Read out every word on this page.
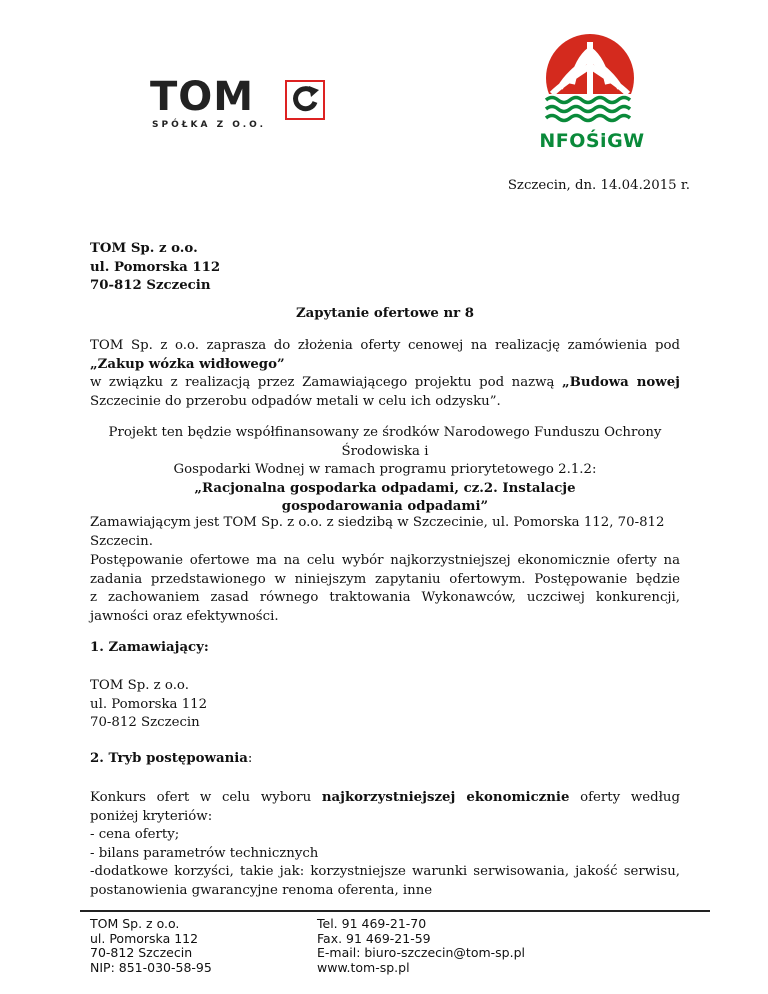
TOM
SPÓŁKA Z O.O.
NFOŚiGW
Szczecin, dn. 14.04.2015 r.
TOM Sp. z o.o.
ul. Pomorska 112
70-812 Szczecin
Zapytanie ofertowe nr 8
TOM Sp. z o.o. zaprasza do złożenia oferty cenowej na realizację zamówienia pod
„Zakup wózka widłowego”
w związku z realizacją przez Zamawiającego projektu pod nazwą „Budowa nowej
Szczecinie do przerobu odpadów metali w celu ich odzysku”.
Projekt ten będzie współfinansowany ze środków Narodowego Funduszu Ochrony Środowiska i
Gospodarki Wodnej w ramach programu priorytetowego 2.1.2:
„Racjonalna gospodarka odpadami, cz.2. Instalacje
gospodarowania odpadami”
Zamawiającym jest TOM Sp. z o.o. z siedzibą w Szczecinie, ul. Pomorska 112, 70-812 Szczecin.
Postępowanie ofertowe ma na celu wybór najkorzystniejszej ekonomicznie oferty na
zadania przedstawionego w niniejszym zapytaniu ofertowym. Postępowanie będzie
z zachowaniem zasad równego traktowania Wykonawców, uczciwej konkurencji,
jawności oraz efektywności.
1. Zamawiający:
TOM Sp. z o.o.
ul. Pomorska 112
70-812 Szczecin
2. Tryb postępowania:
Konkurs ofert w celu wyboru najkorzystniejszej ekonomicznie oferty według
poniżej kryteriów:
- cena oferty;
- bilans parametrów technicznych
-dodatkowe korzyści, takie jak: korzystniejsze warunki serwisowania, jakość serwisu,
postanowienia gwarancyjne renoma oferenta, inne
TOM Sp. z o.o.
ul. Pomorska 112
70-812 Szczecin
NIP: 851-030-58-95
Tel. 91 469-21-70
Fax. 91 469-21-59
E-mail: biuro-szczecin@tom-sp.pl
www.tom-sp.pl
